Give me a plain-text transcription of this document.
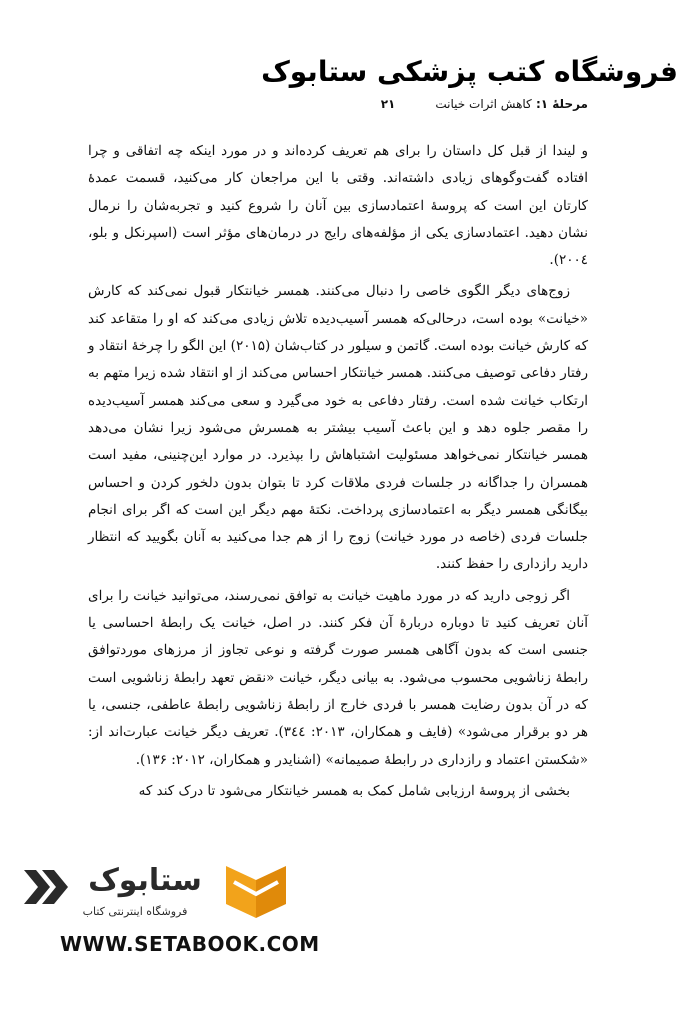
فروشگاه کتب پزشکی ستابوک
مرحلهٔ ۱: کاهش اثرات خیانت
۲۱

و لیندا از قبل کل داستان را برای هم تعریف کرده‌اند و در مورد اینکه چه اتفاقی و چرا افتاده گفت‌وگوهای زیادی داشته‌اند. وقتی با این مراجعان کار می‌کنید، قسمت عمدهٔ کارتان این است که پروسهٔ اعتمادسازی بین آنان را شروع کنید و تجربه‌شان را نرمال نشان دهید. اعتمادسازی یکی از مؤلفه‌های رایج در درمان‌های مؤثر است (اسپرنکل و بلو، ۲۰۰٤).

زوج‌های دیگر الگوی خاصی را دنبال می‌کنند. همسر خیانتکار قبول نمی‌کند که کارش «خیانت» بوده است، درحالی‌که همسر آسیب‌دیده تلاش زیادی می‌کند که او را متقاعد کند که کارش خیانت بوده است. گاتمن و سیلور در کتاب‌شان (۲۰۱۵) این الگو را چرخهٔ انتقاد و رفتار دفاعی توصیف می‌کنند. همسر خیانتکار احساس می‌کند از او انتقاد شده زیرا متهم به ارتکاب خیانت شده است. رفتار دفاعی به خود می‌گیرد و سعی می‌کند همسر آسیب‌دیده را مقصر جلوه دهد و این باعث آسیب بیشتر به همسرش می‌شود زیرا نشان می‌دهد همسر خیانتکار نمی‌خواهد مسئولیت اشتباهاش را بپذیرد. در موارد این‌چنینی، مفید است همسران را جداگانه در جلسات فردی ملاقات کرد تا بتوان بدون دلخور کردن و احساس بیگانگی همسر دیگر به اعتمادسازی پرداخت. نکتهٔ مهم دیگر این است که اگر برای انجام جلسات فردی (خاصه در مورد خیانت) زوج را از هم جدا می‌کنید به آنان بگویید که انتظار دارید رازداری را حفظ کنند.

اگر زوجی دارید که در مورد ماهیت خیانت به توافق نمی‌رسند، می‌توانید خیانت را برای آنان تعریف کنید تا دوباره دربارهٔ آن فکر کنند. در اصل، خیانت یک رابطهٔ احساسی یا جنسی است که بدون آگاهی همسر صورت گرفته و نوعی تجاوز از مرزهای موردتوافق رابطهٔ زناشویی محسوب می‌شود. به بیانی دیگر، خیانت «نقض تعهد رابطهٔ زناشویی است که در آن بدون رضایت همسر با فردی خارج از رابطهٔ زناشویی رابطهٔ عاطفی، جنسی، یا هر دو برقرار می‌شود» (فایف و همکاران، ۲۰۱۳: ۳٤٤). تعریف دیگر خیانت عبارت‌اند از: «شکستن اعتماد و رازداری در رابطهٔ صمیمانه» (اشنایدر و همکاران، ۲۰۱۲: ۱۳۶).

بخشی از پروسهٔ ارزیابی شامل کمک به همسر خیانتکار می‌شود تا درک کند که

ستابوک
فروشگاه اینترنتی کتاب
WWW.SETABOOK.COM
